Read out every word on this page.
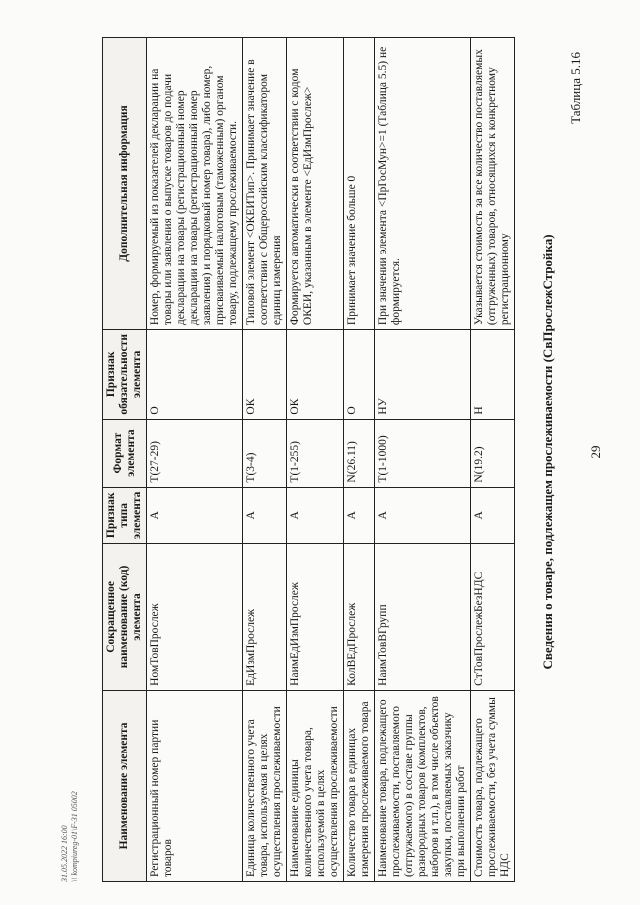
29
Таблица 5.16
Сведения о товаре, подлежащем прослеживаемости (СвПрослежСтройка)
31.05.2022 16:00 \\ kompiureg-01\F-31 05002	Наименование элемента	Сокращенное наименование (код) элемента	Признак типа элемента	Формат элемента	Признак обязательности элемента	Дополнительная информация
Регистрационный номер партии товаров	НомТовПрослеж	А	Т(27-29)	О	Номер, формируемый из показателей декларации на товары или заявления о выпуске товаров до подачи декларации на товары (регистрационный номер декларации на товары (регистрационный номер заявления) и порядковый номер товара), либо номер, присваиваемый налоговым (таможенным) органом товару, подлежащему прослеживаемости.
Единица количественного учета товара, используемая в целях осуществления прослеживаемости	ЕдИзмПрослеж	А	Т(3-4)	ОК	Типовой элемент <ОКЕИТип>. Принимает значение в соответствии с Общероссийским классификатором единиц измерения
Наименование единицы количественного учета товара, используемой в целях осуществления прослеживаемости	НаимЕдИзмПрослеж	А	Т(1-255)	ОК	Формируется автоматически в соответствии с кодом ОКЕИ, указанным в элементе <ЕдИзмПрослеж>
Количество товара в единицах измерения прослеживаемого товара	КолВЕдПрослеж	А	N(26.11)	О	Принимает значение больше 0
Наименование товара, подлежащего прослеживаемости, поставляемого (отгружаемого) в составе группы разнородных товаров (комплектов, наборов и т.п.), в том числе объектов закупки, поставляемых заказчику при выполнении работ	НаимТовВГрупп	А	Т(1-1000)	НУ	При значении элемента <ПрГосМун>=1 (Таблица 5.5) не формируется.
Стоимость товара, подлежащего прослеживаемости, без учета суммы НДС	СтТовПрослежБезНДС	А	N(19.2)	Н	Указывается стоимость за все количество поставляемых (отгруженных) товаров, относящихся к конкретному регистрационному
